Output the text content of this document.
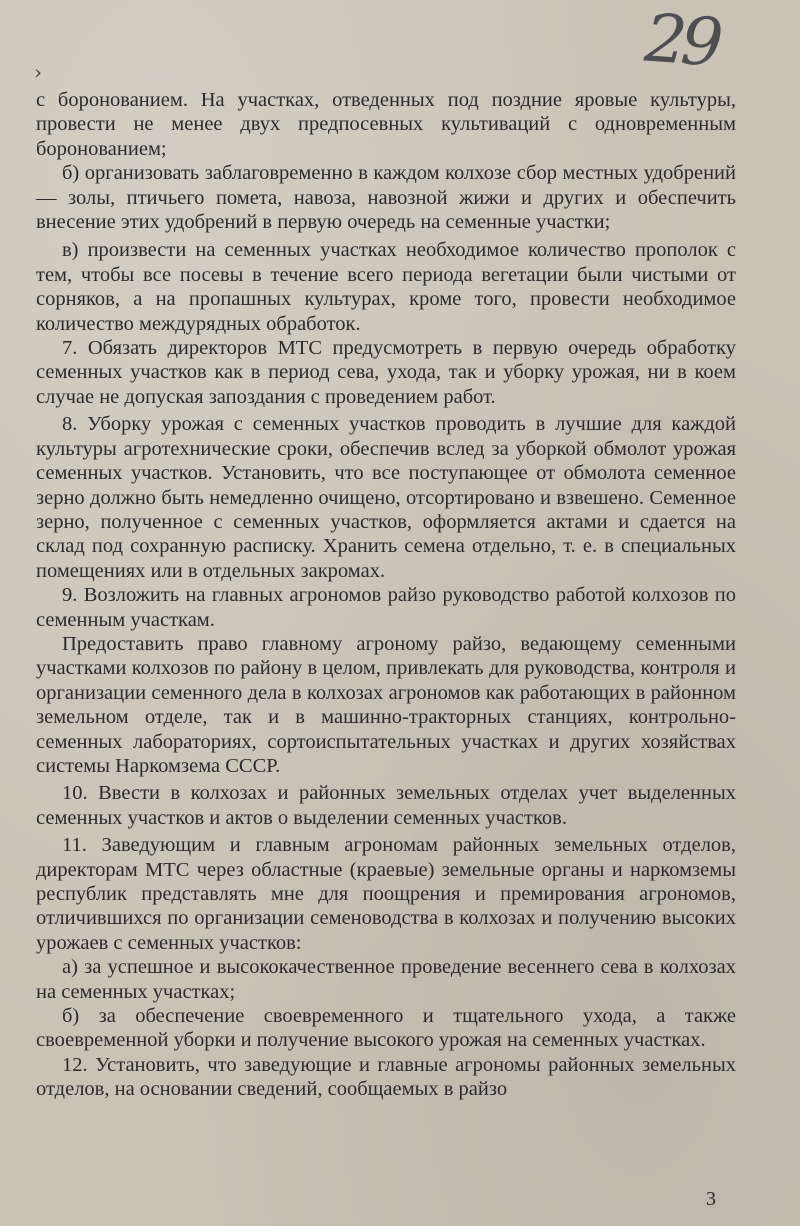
29
›

с боронованием. На участках, отведенных под поздние яровые культуры, провести не менее двух предпосевных культиваций с одновременным боронованием;

б) организовать заблаговременно в каждом колхозе сбор местных удобрений — золы, птичьего помета, навоза, навозной жижи и других и обеспечить внесение этих удобрений в первую очередь на семенные участки;

в) произвести на семенных участках необходимое количество прополок с тем, чтобы все посевы в течение всего периода вегетации были чистыми от сорняков, а на пропашных культурах, кроме того, провести необходимое количество междурядных обработок.

7. Обязать директоров МТС предусмотреть в первую очередь обработку семенных участков как в период сева, ухода, так и уборку урожая, ни в коем случае не допуская запоздания с проведением работ.

8. Уборку урожая с семенных участков проводить в лучшие для каждой культуры агротехнические сроки, обеспечив вслед за уборкой обмолот урожая семенных участков. Установить, что все поступающее от обмолота семенное зерно должно быть немедленно очищено, отсортировано и взвешено. Семенное зерно, полученное с семенных участков, оформляется актами и сдается на склад под сохранную расписку. Хранить семена отдельно, т. е. в специальных помещениях или в отдельных закромах.

9. Возложить на главных агрономов райзо руководство работой колхозов по семенным участкам.

Предоставить право главному агроному райзо, ведающему семенными участками колхозов по району в целом, привлекать для руководства, контроля и организации семенного дела в колхозах агрономов как работающих в районном земельном отделе, так и в машинно-тракторных станциях, контрольно-семенных лабораториях, сортоиспытательных участках и других хозяйствах системы Наркомзема СССР.

10. Ввести в колхозах и районных земельных отделах учет выделенных семенных участков и актов о выделении семенных участков.

11. Заведующим и главным агрономам районных земельных отделов, директорам МТС через областные (краевые) земельные органы и наркомземы республик представлять мне для поощрения и премирования агрономов, отличившихся по организации семеноводства в колхозах и получению высоких урожаев с семенных участков:

а) за успешное и высококачественное проведение весеннего сева в колхозах на семенных участках;

б) за обеспечение своевременного и тщательного ухода, а также своевременной уборки и получение высокого урожая на семенных участках.

12. Установить, что заведующие и главные агрономы районных земельных отделов, на основании сведений, сообщаемых в райзо

3
